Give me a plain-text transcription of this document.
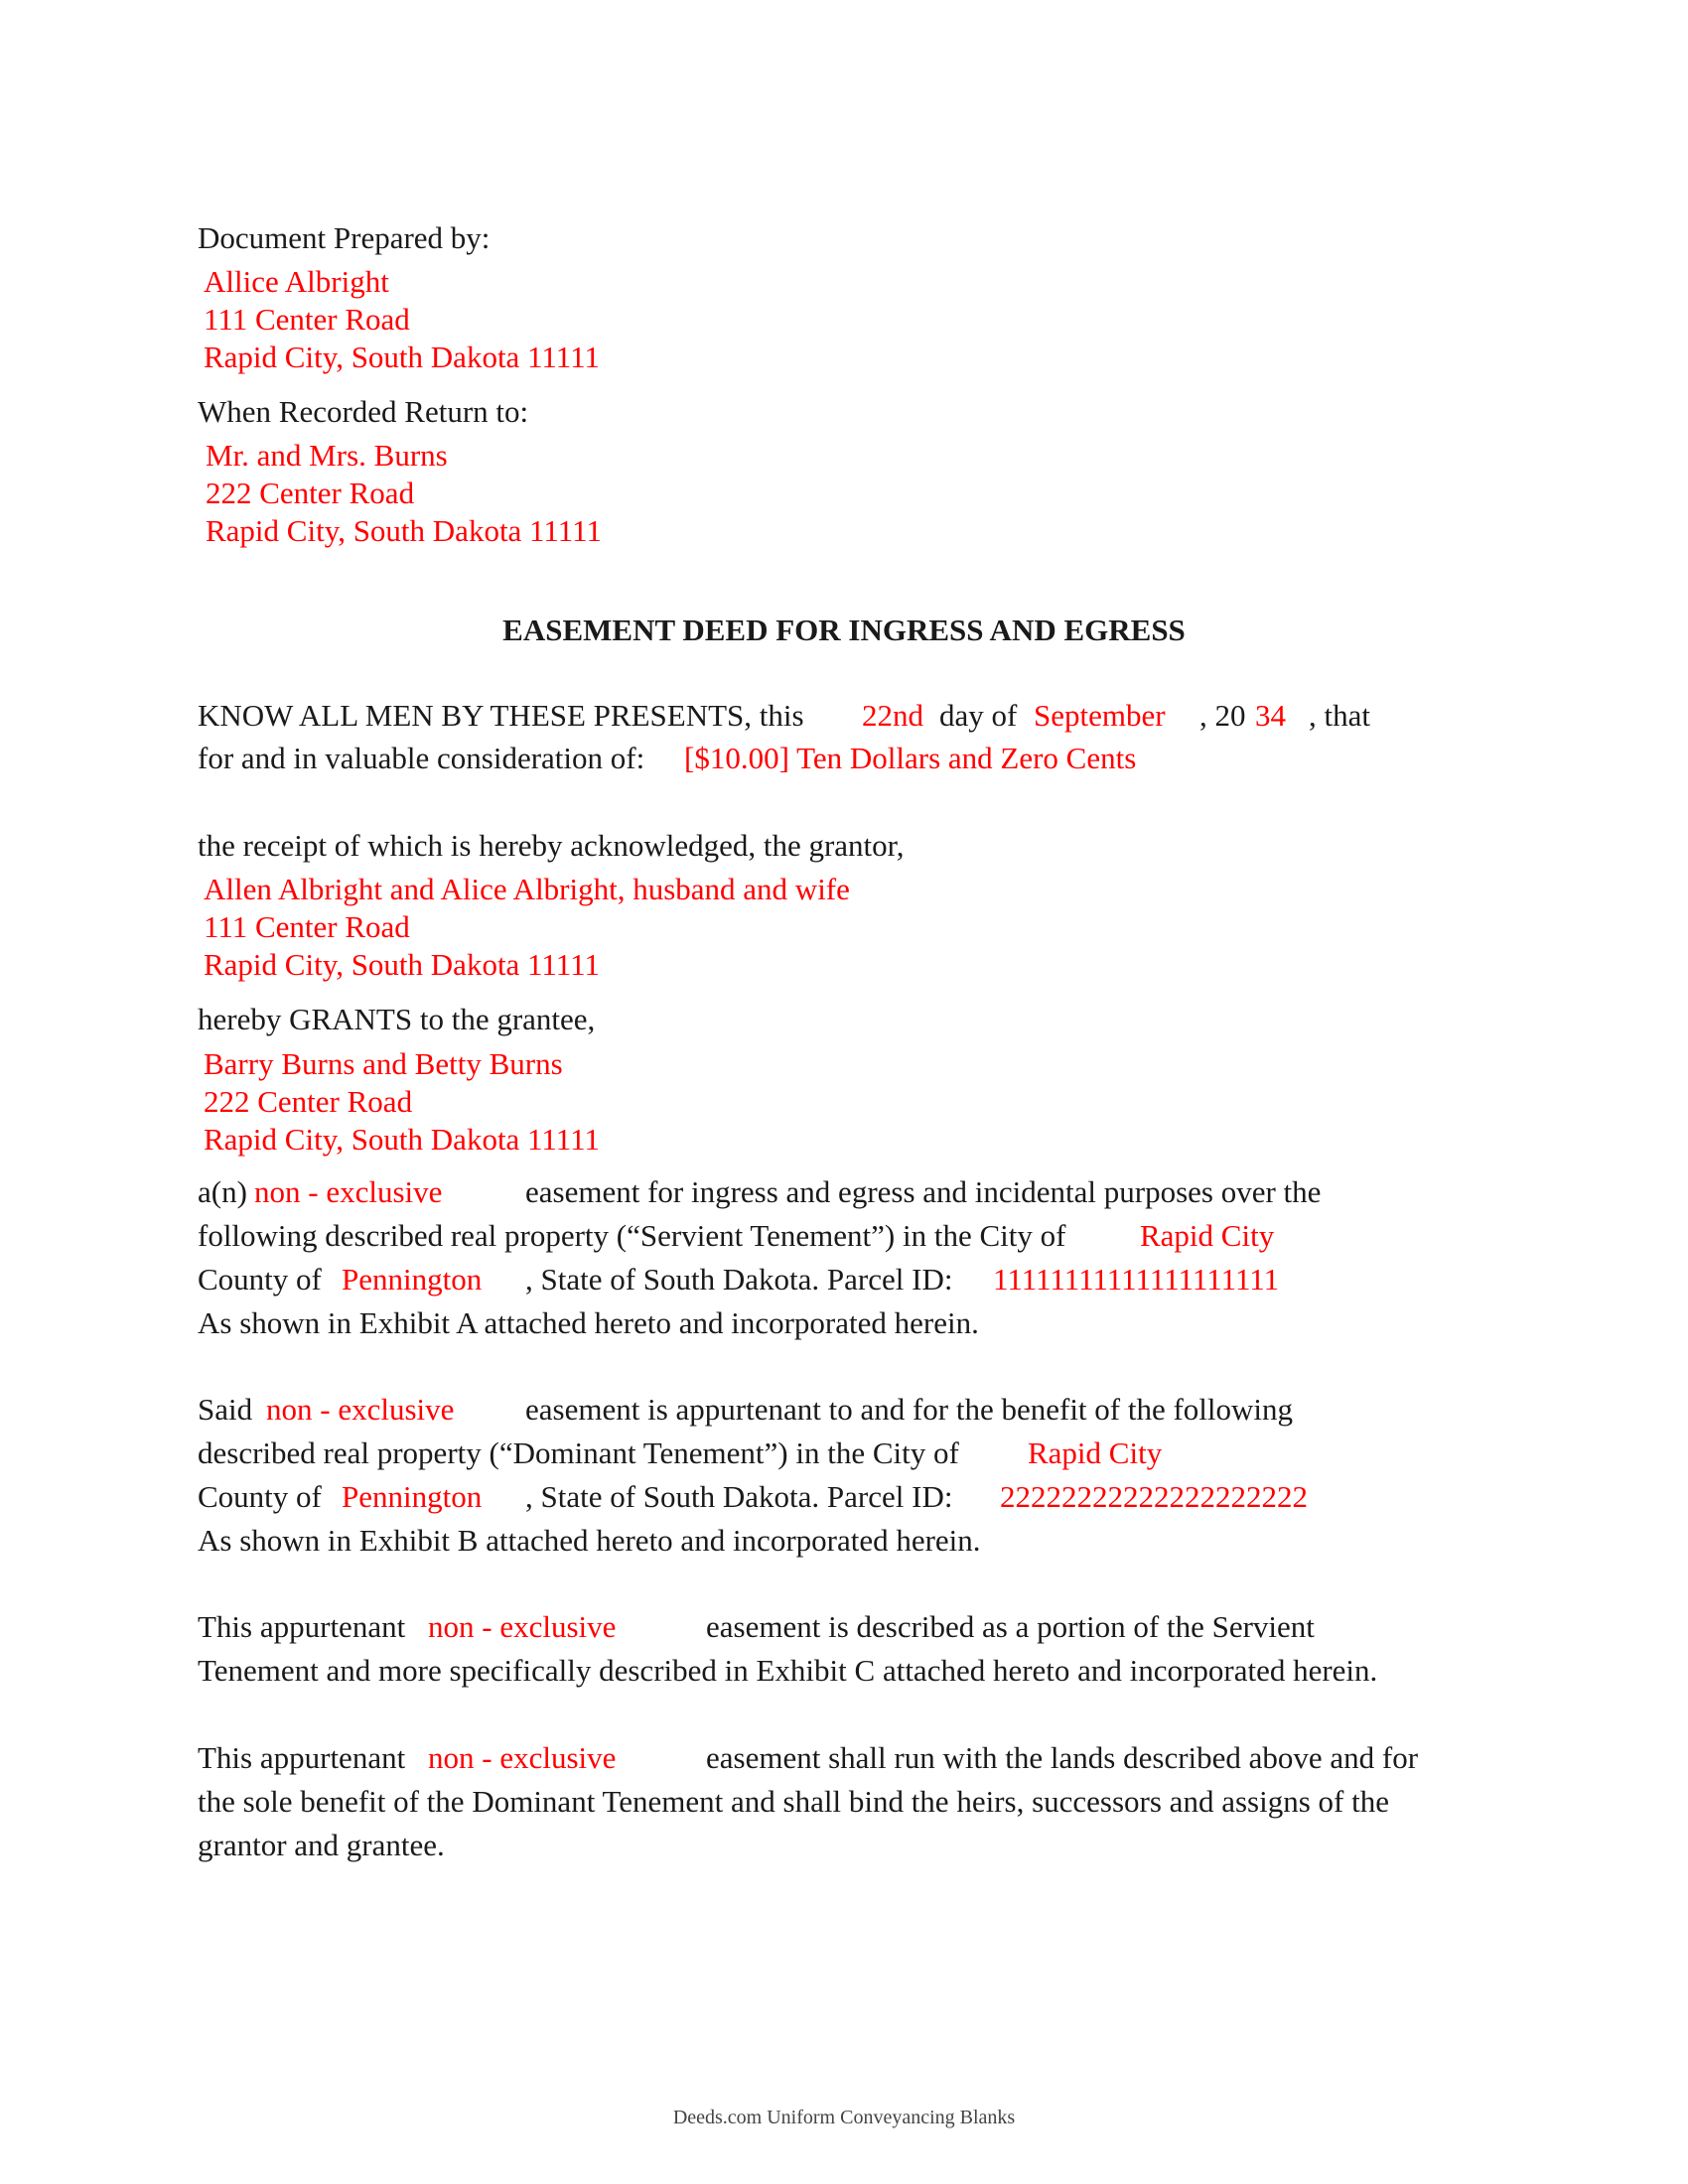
Document Prepared by:
Allice Albright
111 Center Road
Rapid City, South Dakota 11111
When Recorded Return to:
Mr. and Mrs. Burns
222 Center Road
Rapid City, South Dakota 11111
EASEMENT DEED FOR INGRESS AND EGRESS
KNOW ALL MEN BY THESE PRESENTS, this 22nd day of September , 20 34 , that
for and in valuable consideration of: [$10.00] Ten Dollars and Zero Cents
the receipt of which is hereby acknowledged, the grantor,
Allen Albright and Alice Albright, husband and wife
111 Center Road
Rapid City, South Dakota 11111
hereby GRANTS to the grantee,
Barry Burns and Betty Burns
222 Center Road
Rapid City, South Dakota 11111
a(n) non - exclusive	easement for ingress and egress and incidental purposes over the
following described real property (“Servient Tenement”) in the City of Rapid City
County of Pennington , State of South Dakota. Parcel ID: 11111111111111111111
As shown in Exhibit A attached hereto and incorporated herein.
Said non - exclusive easement is appurtenant to and for the benefit of the following
described real property (“Dominant Tenement”) in the City of Rapid City
County of Pennington , State of South Dakota. Parcel ID: 22222222222222222222
As shown in Exhibit B attached hereto and incorporated herein.
This appurtenant non - exclusive	easement is described as a portion of the Servient
Tenement and more specifically described in Exhibit C attached hereto and incorporated herein.
This appurtenant non - exclusive	easement shall run with the lands described above and for
the sole benefit of the Dominant Tenement and shall bind the heirs, successors and assigns of the
grantor and grantee.
Deeds.com Uniform Conveyancing Blanks
